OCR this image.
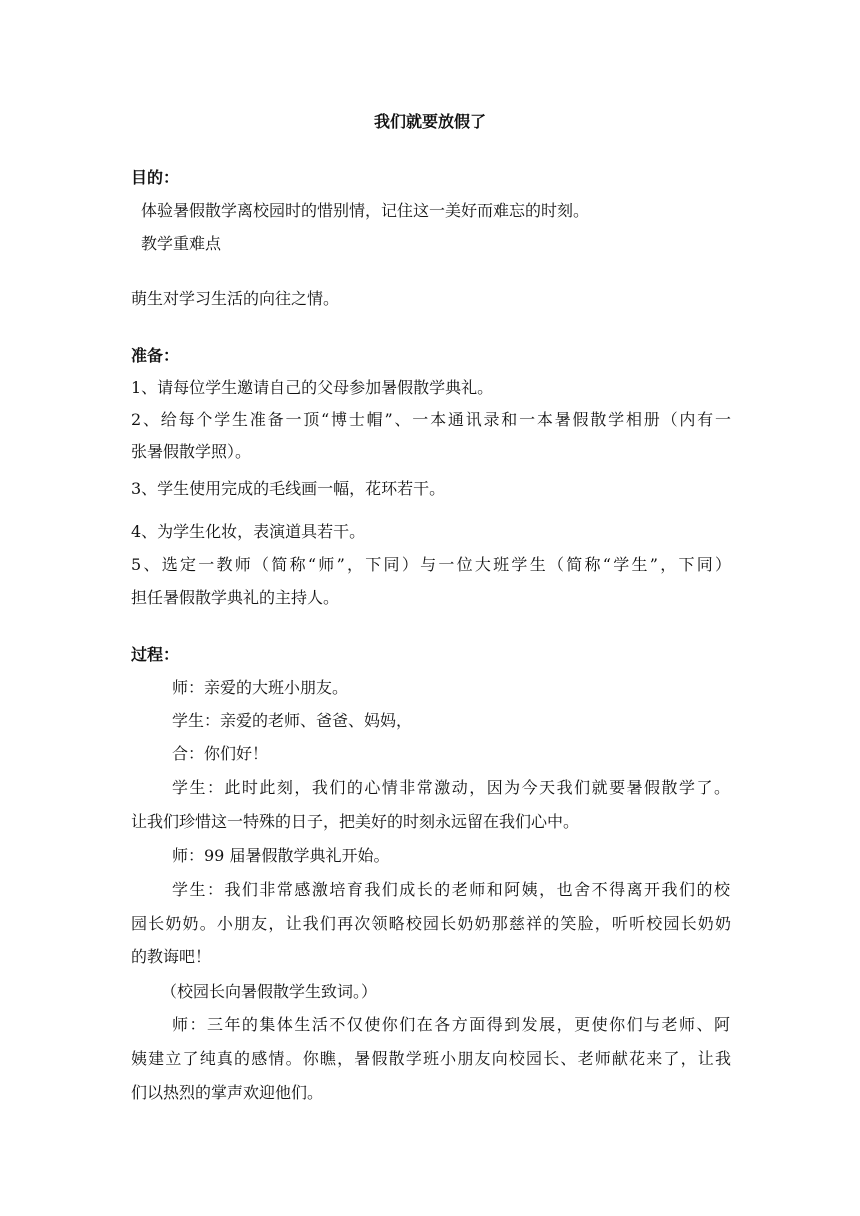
我们就要放假了
目的：
体验暑假散学离校园时的惜别情，记住这一美好而难忘的时刻。
教学重难点
萌生对学习生活的向往之情。
准备：
1、请每位学生邀请自己的父母参加暑假散学典礼。
2、给每个学生准备一顶“博士帽”、一本通讯录和一本暑假散学相册（内有一
张暑假散学照）。
3、学生使用完成的毛线画一幅，花环若干。
4、为学生化妆，表演道具若干。
5、选定一教师（简称“师”，下同）与一位大班学生（简称“学生”，下同）
担任暑假散学典礼的主持人。
过程：
师：亲爱的大班小朋友。
学生：亲爱的老师、爸爸、妈妈，
合：你们好！
学生：此时此刻，我们的心情非常激动，因为今天我们就要暑假散学了。
让我们珍惜这一特殊的日子，把美好的时刻永远留在我们心中。
师：99 届暑假散学典礼开始。
学生：我们非常感激培育我们成长的老师和阿姨，也舍不得离开我们的校
园长奶奶。小朋友，让我们再次领略校园长奶奶那慈祥的笑脸，听听校园长奶奶
的教诲吧！
（校园长向暑假散学生致词。）
师：三年的集体生活不仅使你们在各方面得到发展，更使你们与老师、阿
姨建立了纯真的感情。你瞧，暑假散学班小朋友向校园长、老师献花来了，让我
们以热烈的掌声欢迎他们。
